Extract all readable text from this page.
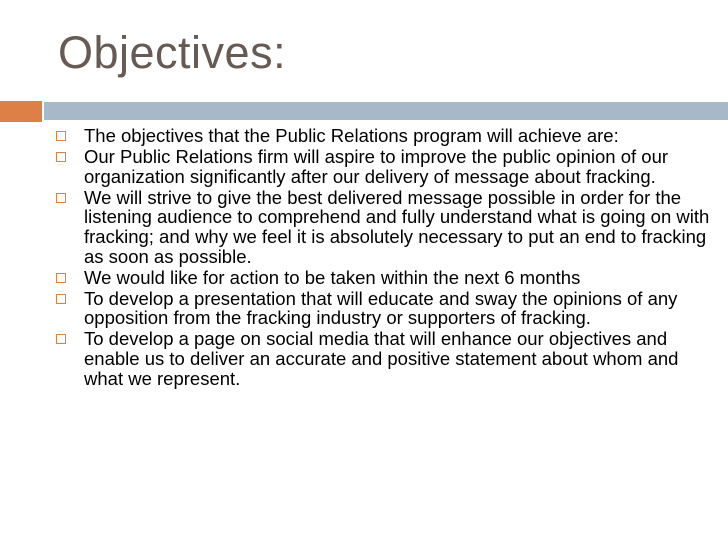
Objectives:
The objectives that the Public Relations program will achieve are:
Our Public Relations firm will aspire to improve the public opinion of our organization significantly after our delivery of message about fracking.
We will strive to give the best delivered message possible in order for the listening audience to comprehend and fully understand what is going on with fracking; and why we feel it is absolutely necessary to put an end to fracking as soon as possible.
We would like for action to be taken within the next 6 months
To develop a presentation that will educate and sway the opinions of any opposition from the fracking industry or supporters of fracking.
To develop a page on social media that will enhance our objectives and enable us to deliver an accurate and positive statement about whom and what we represent.
